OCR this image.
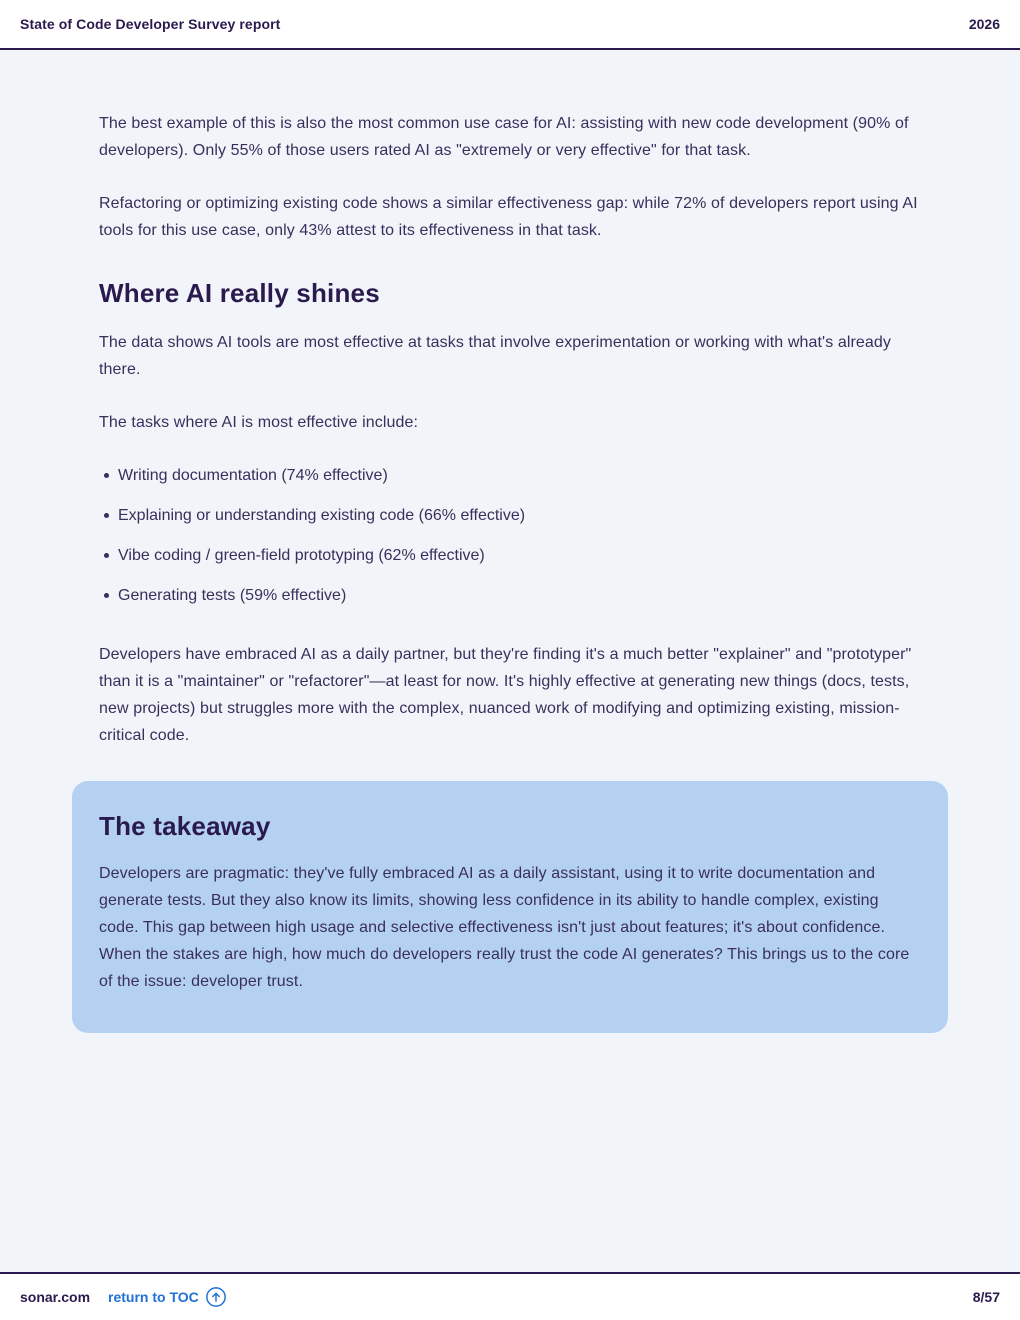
State of Code Developer Survey report	2026

The best example of this is also the most common use case for AI: assisting with new code development (90% of developers). Only 55% of those users rated AI as "extremely or very effective" for that task.

Refactoring or optimizing existing code shows a similar effectiveness gap: while 72% of developers report using AI tools for this use case, only 43% attest to its effectiveness in that task.

Where AI really shines

The data shows AI tools are most effective at tasks that involve experimentation or working with what's already there.

The tasks where AI is most effective include:

Writing documentation (74% effective)
Explaining or understanding existing code (66% effective)
Vibe coding / green-field prototyping (62% effective)
Generating tests (59% effective)

Developers have embraced AI as a daily partner, but they're finding it's a much better "explainer" and "prototyper" than it is a "maintainer" or "refactorer"—at least for now. It's highly effective at generating new things (docs, tests, new projects) but struggles more with the complex, nuanced work of modifying and optimizing existing, mission-critical code.

The takeaway

Developers are pragmatic: they've fully embraced AI as a daily assistant, using it to write documentation and generate tests. But they also know its limits, showing less confidence in its ability to handle complex, existing code. This gap between high usage and selective effectiveness isn't just about features; it's about confidence. When the stakes are high, how much do developers really trust the code AI generates? This brings us to the core of the issue: developer trust.

sonar.com return to TOC	8/57
